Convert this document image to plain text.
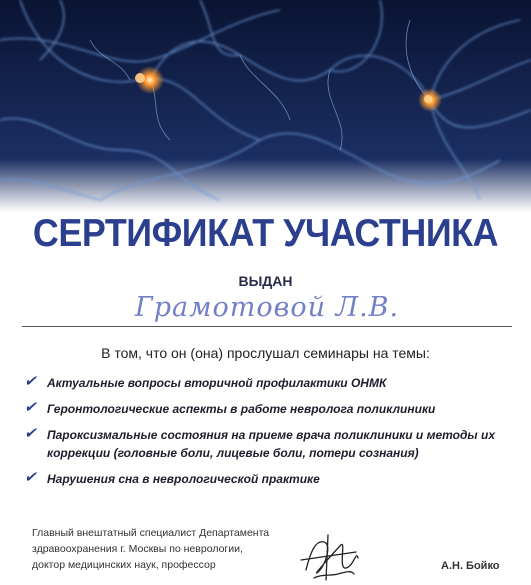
СЕРТИФИКАТ УЧАСТНИКА
ВЫДАН
Грамотовой Л.В.
В том, что он (она) прослушал семинары на темы:
✔ Актуальные вопросы вторичной профилактики ОНМК
✔ Геронтологические аспекты в работе невролога поликлиники
✔ Пароксизмальные состояния на приеме врача поликлиники и методы их коррекции (головные боли, лицевые боли, потери сознания)
✔ Нарушения сна в неврологической практике
Главный внештатный специалист Департамента
здравоохранения г. Москвы по неврологии,
доктор медицинских наук, профессор	А.Н. Бойко
